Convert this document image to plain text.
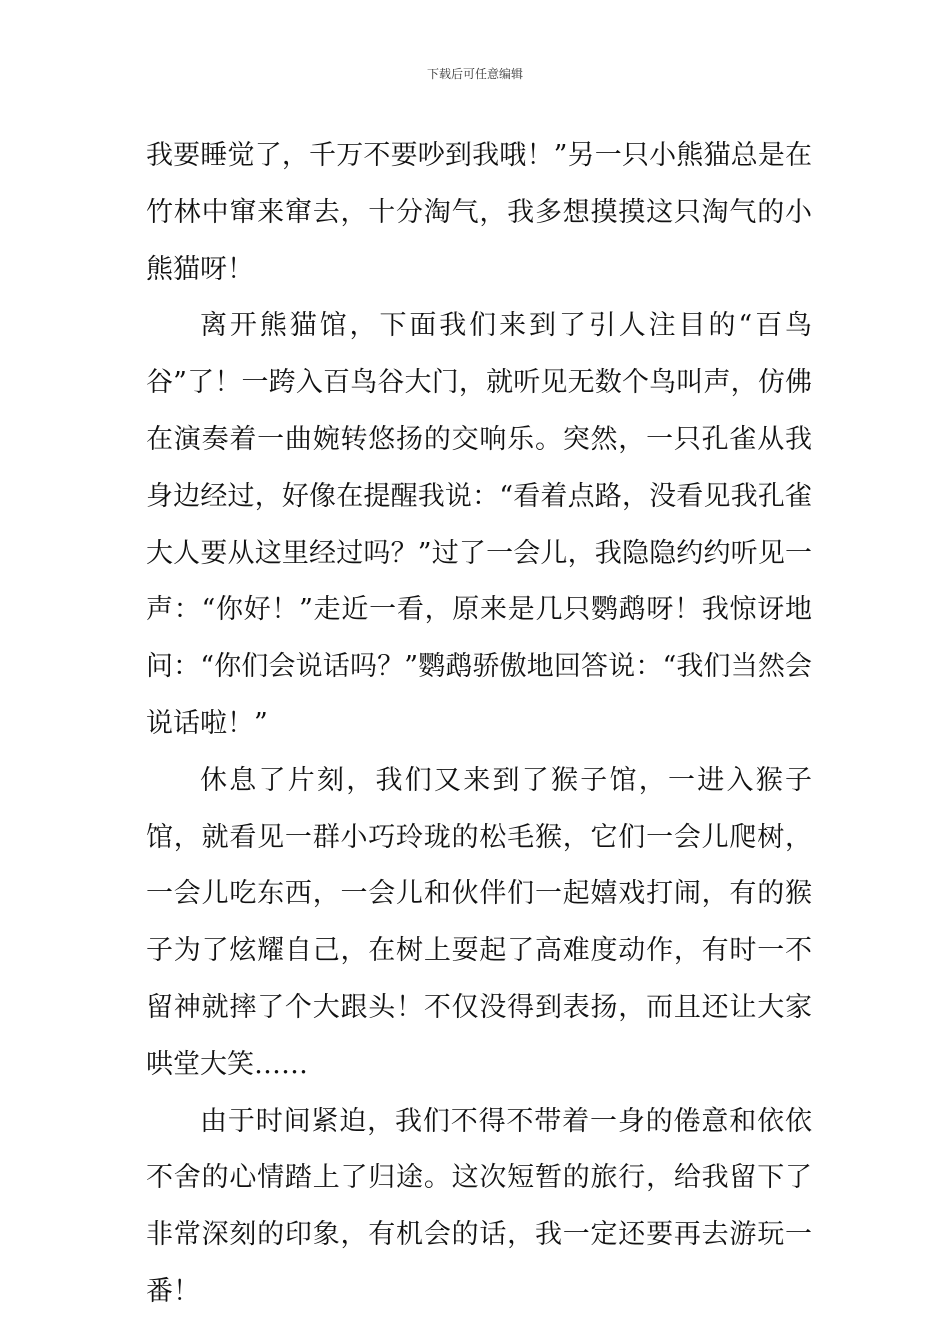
下载后可任意编辑

我要睡觉了，千万不要吵到我哦！”另一只小熊猫总是在竹林中窜来窜去，十分淘气，我多想摸摸这只淘气的小熊猫呀！

离开熊猫馆，下面我们来到了引人注目的“百鸟谷”了！一跨入百鸟谷大门，就听见无数个鸟叫声，仿佛在演奏着一曲婉转悠扬的交响乐。突然，一只孔雀从我身边经过，好像在提醒我说：“看着点路，没看见我孔雀大人要从这里经过吗？”过了一会儿，我隐隐约约听见一声：“你好！”走近一看，原来是几只鹦鹉呀！我惊讶地问：“你们会说话吗？”鹦鹉骄傲地回答说：“我们当然会说话啦！”

休息了片刻，我们又来到了猴子馆，一进入猴子馆，就看见一群小巧玲珑的松毛猴，它们一会儿爬树，一会儿吃东西，一会儿和伙伴们一起嬉戏打闹，有的猴子为了炫耀自己，在树上耍起了高难度动作，有时一不留神就摔了个大跟头！不仅没得到表扬，而且还让大家哄堂大笑……

由于时间紧迫，我们不得不带着一身的倦意和依依不舍的心情踏上了归途。这次短暂的旅行，给我留下了非常深刻的印象，有机会的话，我一定还要再去游玩一番！
